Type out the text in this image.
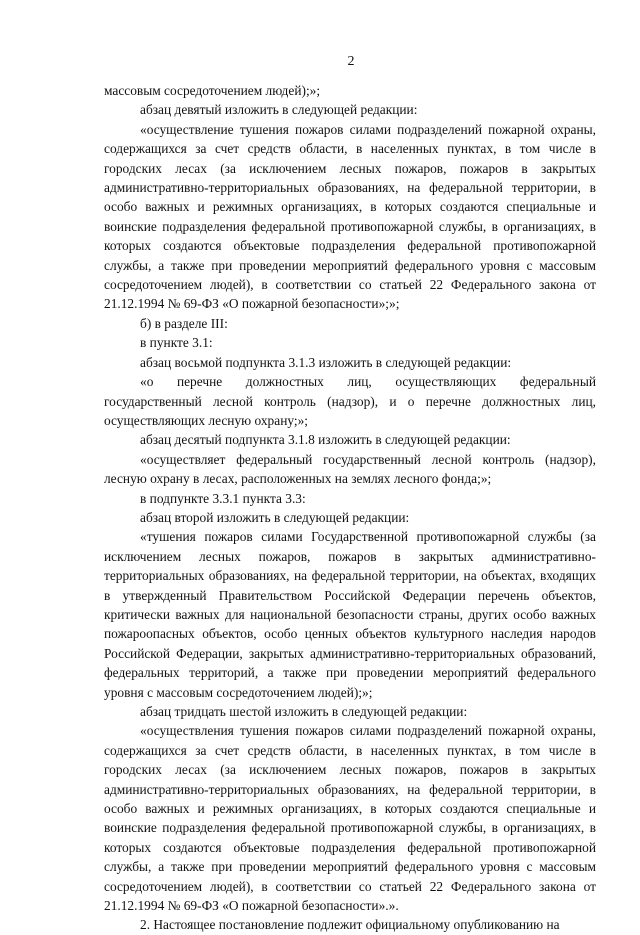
2

массовым сосредоточением людей);»;

абзац девятый изложить в следующей редакции:

«осуществление тушения пожаров силами подразделений пожарной охраны, содержащихся за счет средств области, в населенных пунктах, в том числе в городских лесах (за исключением лесных пожаров, пожаров в закрытых административно-территориальных образованиях, на федеральной территории, в особо важных и режимных организациях, в которых создаются специальные и воинские подразделения федеральной противопожарной службы, в организациях, в которых создаются объектовые подразделения федеральной противопожарной службы, а также при проведении мероприятий федерального уровня с массовым сосредоточением людей), в соответствии со статьей 22 Федерального закона от 21.12.1994 № 69-ФЗ «О пожарной безопасности»;»;

б) в разделе III:

в пункте 3.1:

абзац восьмой подпункта 3.1.3 изложить в следующей редакции:

«о перечне должностных лиц, осуществляющих федеральный государственный лесной контроль (надзор), и о перечне должностных лиц, осуществляющих лесную охрану;»;

абзац десятый подпункта 3.1.8 изложить в следующей редакции:

«осуществляет федеральный государственный лесной контроль (надзор), лесную охрану в лесах, расположенных на землях лесного фонда;»;

в подпункте 3.3.1 пункта 3.3:

абзац второй изложить в следующей редакции:

«тушения пожаров силами Государственной противопожарной службы (за исключением лесных пожаров, пожаров в закрытых административно-территориальных образованиях, на федеральной территории, на объектах, входящих в утвержденный Правительством Российской Федерации перечень объектов, критически важных для национальной безопасности страны, других особо важных пожароопасных объектов, особо ценных объектов культурного наследия народов Российской Федерации, закрытых административно-территориальных образований, федеральных территорий, а также при проведении мероприятий федерального уровня с массовым сосредоточением людей);»;

абзац тридцать шестой изложить в следующей редакции:

«осуществления тушения пожаров силами подразделений пожарной охраны, содержащихся за счет средств области, в населенных пунктах, в том числе в городских лесах (за исключением лесных пожаров, пожаров в закрытых административно-территориальных образованиях, на федеральной территории, в особо важных и режимных организациях, в которых создаются специальные и воинские подразделения федеральной противопожарной службы, в организациях, в которых создаются объектовые подразделения федеральной противопожарной службы, а также при проведении мероприятий федерального уровня с массовым сосредоточением людей), в соответствии со статьей 22 Федерального закона от 21.12.1994 № 69-ФЗ «О пожарной безопасности».».

2. Настоящее постановление подлежит официальному опубликованию на
